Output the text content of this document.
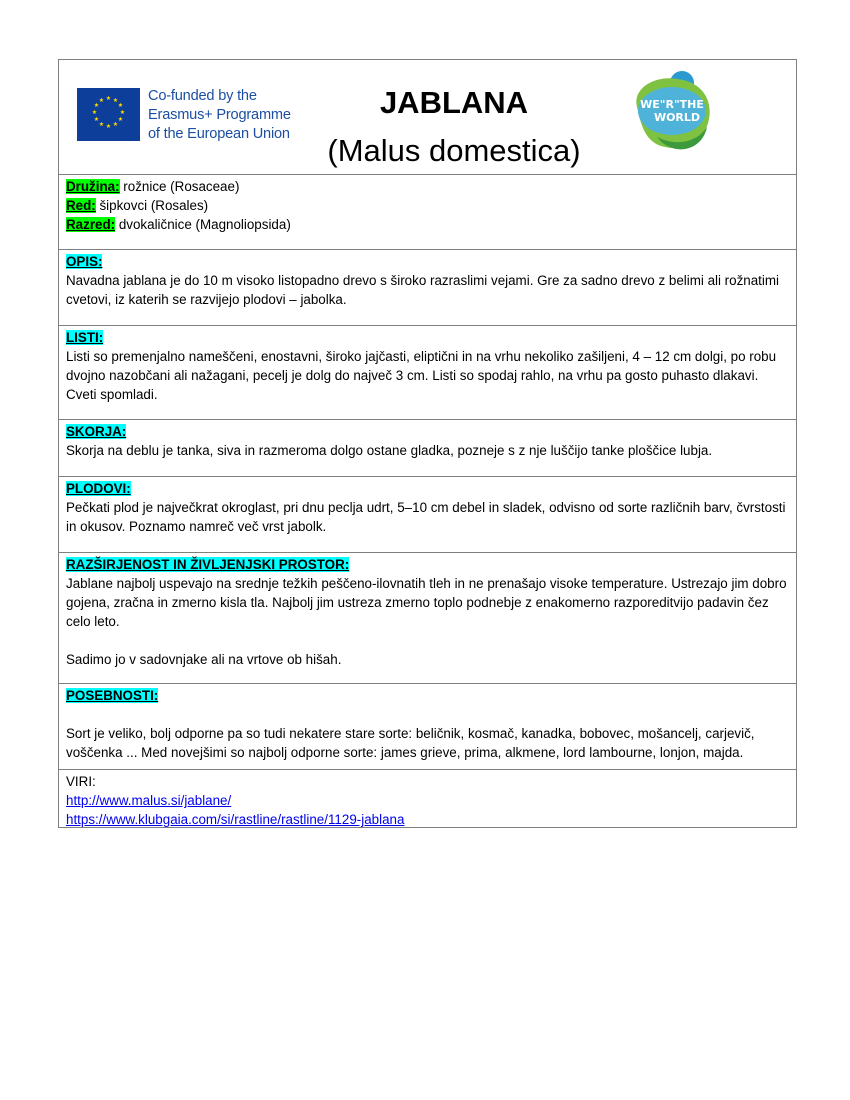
★ ★
★
★
★
★
★
★
★
★
★
★	Co-funded by the
Erasmus+ Programme
of the European Union
JABLANA
(Malus domestica)
WE"R"THE
WORLD
Družina: rožnice (Rosaceae)
Red: šipkovci (Rosales)
Razred: dvokaličnice (Magnoliopsida)
OPIS:
Navadna jablana je do 10 m visoko listopadno drevo s široko razraslimi vejami. Gre za sadno drevo z belimi ali rožnatimi cvetovi, iz katerih se razvijejo plodovi – jabolka.
LISTI:
Listi so premenjalno nameščeni, enostavni, široko jajčasti, eliptični in na vrhu nekoliko zašiljeni, 4 – 12 cm dolgi, po robu dvojno nazobčani ali nažagani, pecelj je dolg do največ 3 cm. Listi so spodaj rahlo, na vrhu pa gosto puhasto dlakavi. Cveti spomladi.
SKORJA:
Skorja na deblu je tanka, siva in razmeroma dolgo ostane gladka, pozneje s z nje luščijo tanke ploščice lubja.
PLODOVI:
Pečkati plod je največkrat okroglast, pri dnu peclja udrt, 5–10 cm debel in sladek, odvisno od sorte različnih barv, čvrstosti in okusov. Poznamo namreč več vrst jabolk.
RAZŠIRJENOST IN ŽIVLJENJSKI PROSTOR:
Jablane najbolj uspevajo na srednje težkih peščeno-ilovnatih tleh in ne prenašajo visoke temperature. Ustrezajo jim dobro gojena, zračna in zmerno kisla tla. Najbolj jim ustreza zmerno toplo podnebje z enakomerno razporeditvijo padavin čez celo leto.
Sadimo jo v sadovnjake ali na vrtove ob hišah.
POSEBNOSTI:
Sort je veliko, bolj odporne pa so tudi nekatere stare sorte: beličnik, kosmač, kanadka, bobovec, mošancelj, carjevič, voščenka ... Med novejšimi so najbolj odporne sorte: james grieve, prima, alkmene, lord lambourne, lonjon, majda.
VIRI:
http://www.malus.si/jablane/
https://www.klubgaia.com/si/rastline/rastline/1129-jablana
